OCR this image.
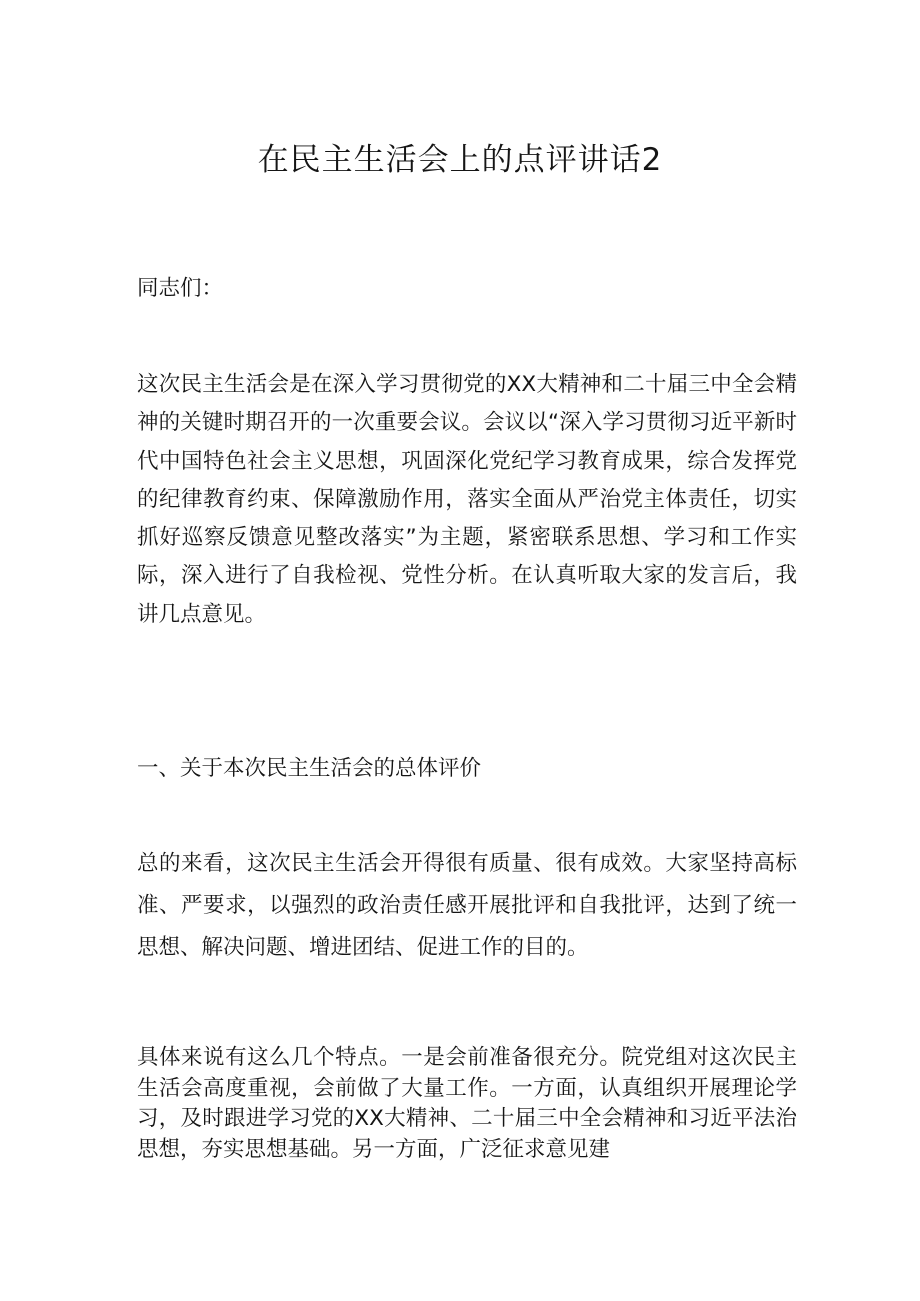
在民主生活会上的点评讲话2
同志们：
这次民主生活会是在深入学习贯彻党的XX大精神和二十届三中全会精神的关键时期召开的一次重要会议。会议以“深入学习贯彻习近平新时代中国特色社会主义思想，巩固深化党纪学习教育成果，综合发挥党的纪律教育约束、保障激励作用，落实全面从严治党主体责任，切实抓好巡察反馈意见整改落实”为主题，紧密联系思想、学习和工作实际，深入进行了自我检视、党性分析。在认真听取大家的发言后，我讲几点意见。
一、关于本次民主生活会的总体评价
总的来看，这次民主生活会开得很有质量、很有成效。大家坚持高标准、严要求，以强烈的政治责任感开展批评和自我批评，达到了统一思想、解决问题、增进团结、促进工作的目的。
具体来说有这么几个特点。一是会前准备很充分。院党组对这次民主生活会高度重视，会前做了大量工作。一方面，认真组织开展理论学习，及时跟进学习党的XX大精神、二十届三中全会精神和习近平法治思想，夯实思想基础。另一方面，广泛征求意见建
